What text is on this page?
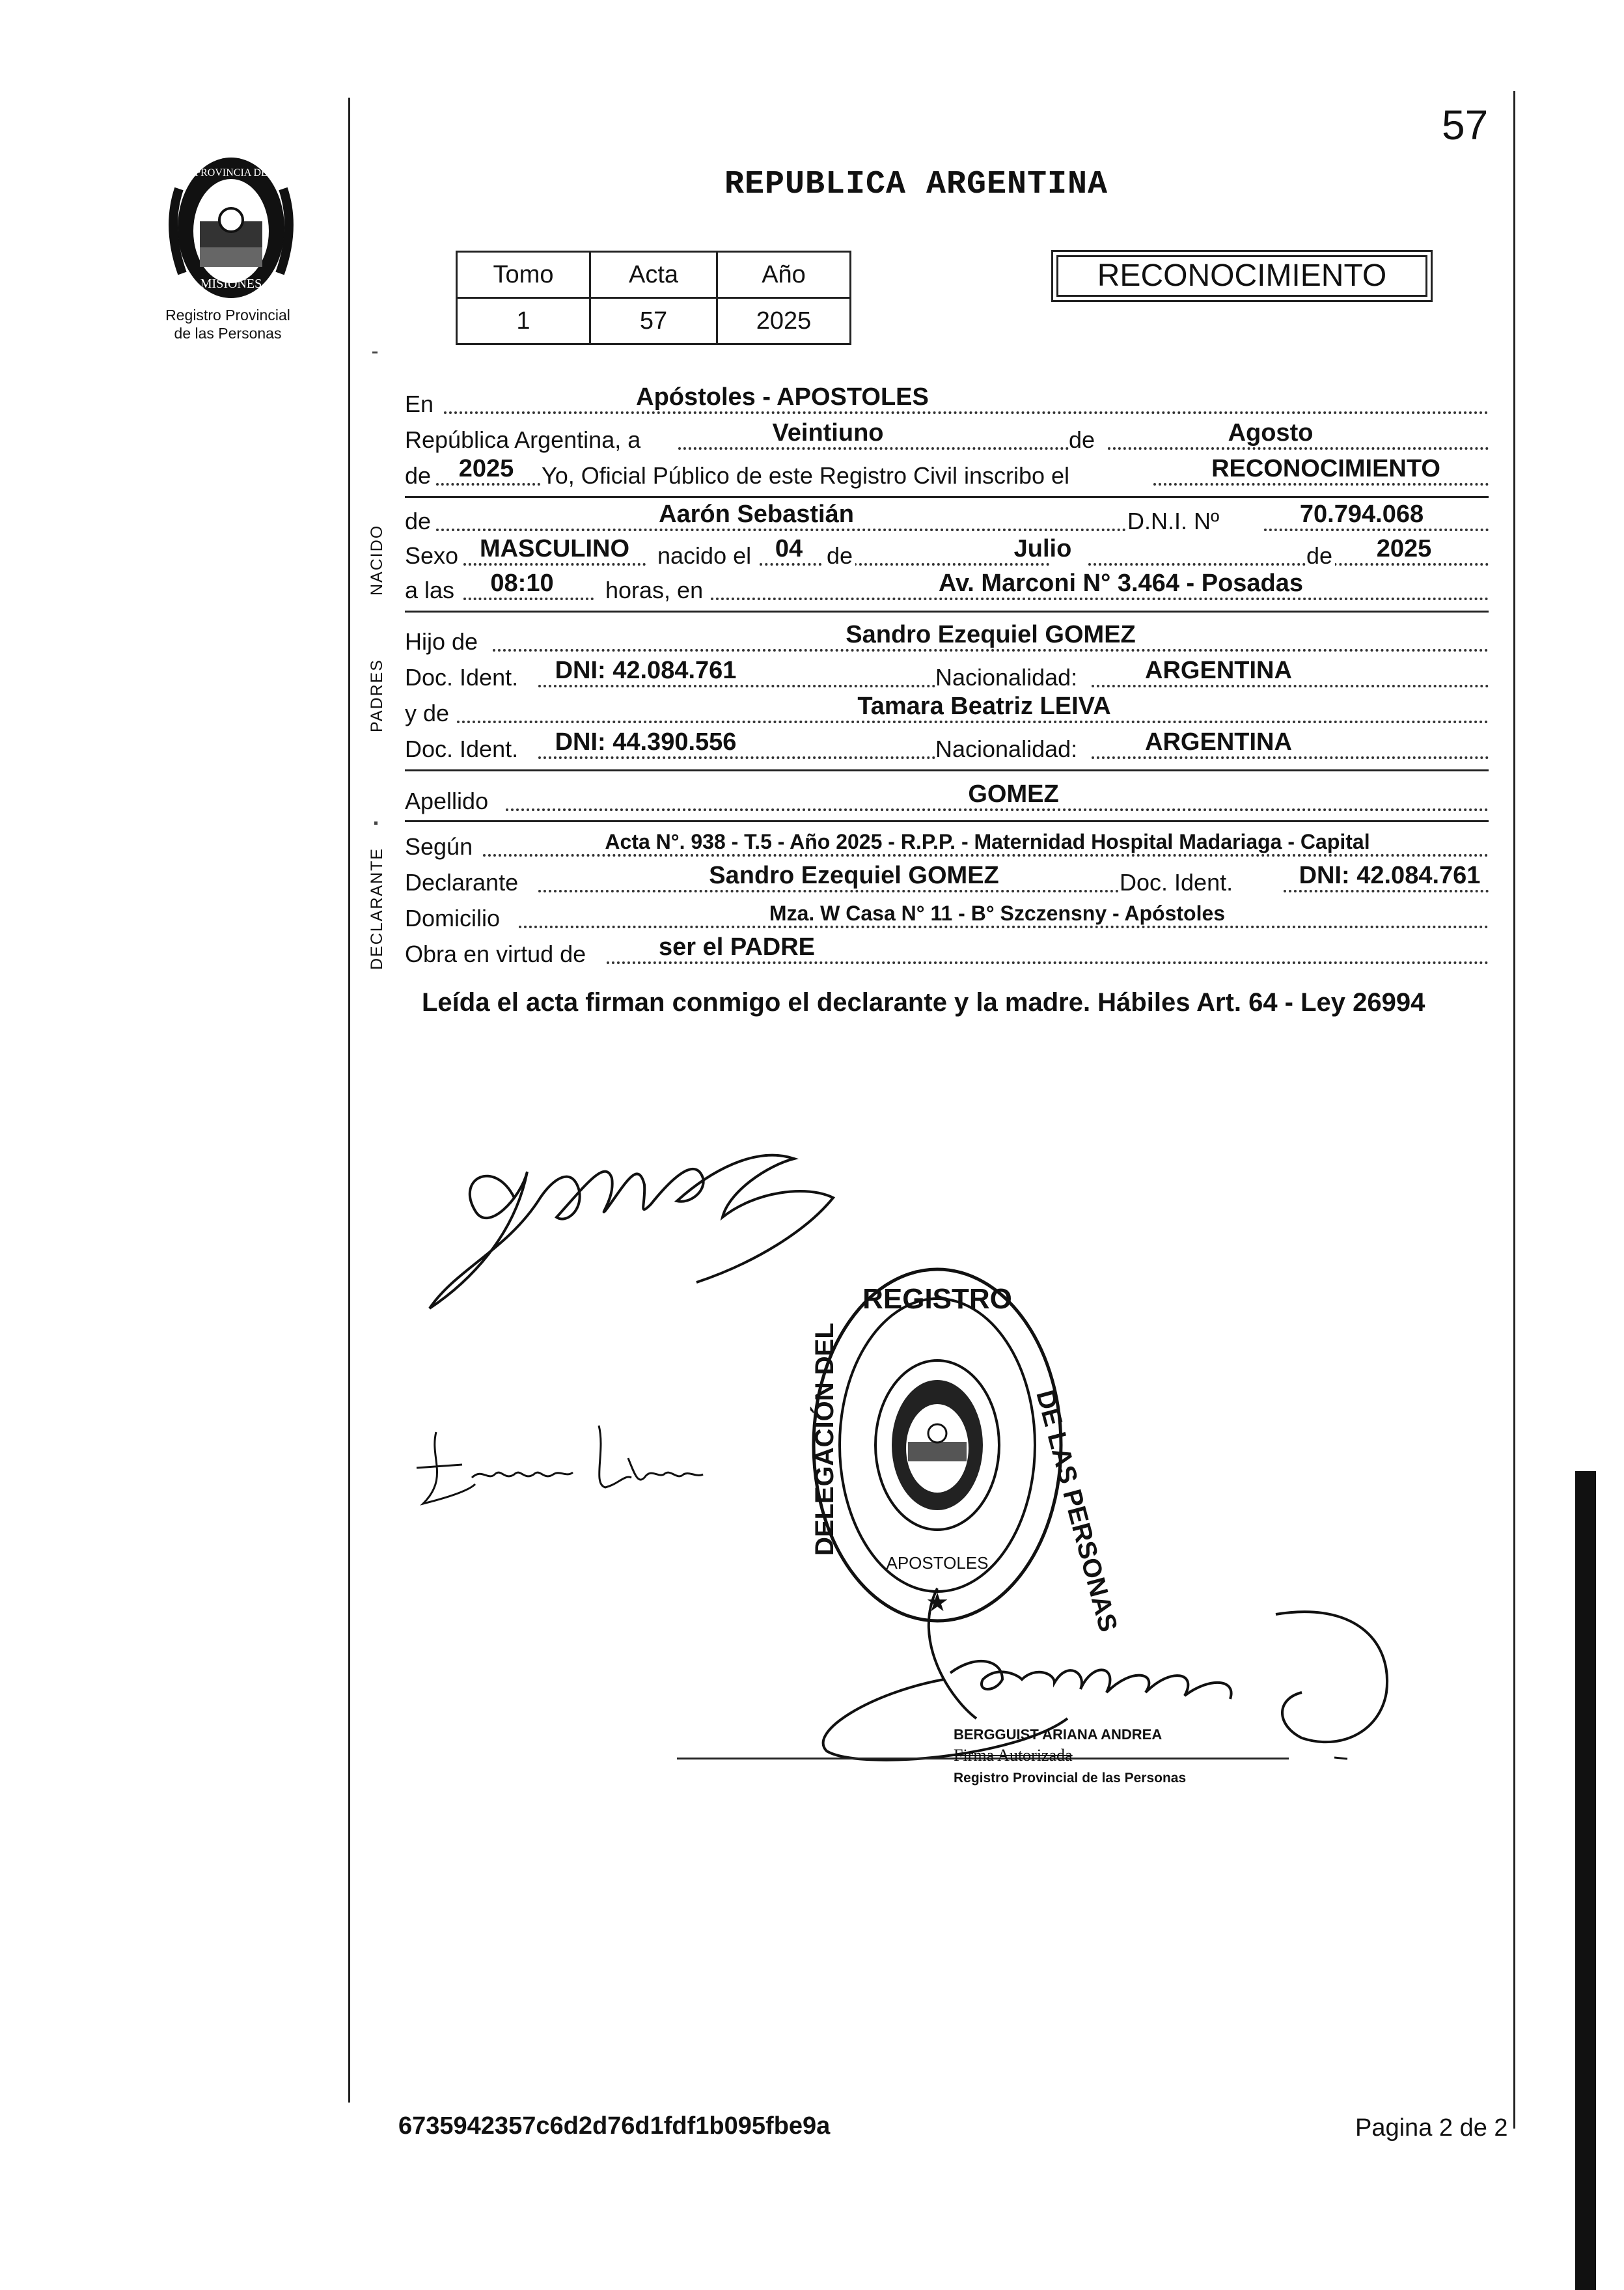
57
PROVINCIA DE
MISIONES
Registro Provincial
de las Personas
REPUBLICA ARGENTINA
Tomo	Acta	Año
1	57	2025
RECONOCIMIENTO
NACIDO
PADRES
DECLARANTE
En	Apóstoles - APOSTOLES
República Argentina, a	Veintiuno	de	Agosto
de	2025	Yo, Oficial Público de este Registro Civil inscribo el	RECONOCIMIENTO
de	Aarón Sebastián	D.N.I. Nº	70.794.068
Sexo MASCULINO	nacido el 04	de	Julio	de	2025
a las	08:10	horas, en	Av. Marconi N° 3.464 - Posadas
Hijo de	Sandro Ezequiel GOMEZ
Doc. Ident.	DNI: 42.084.761	Nacionalidad:	ARGENTINA
y de	Tamara Beatriz LEIVA
Doc. Ident.	DNI: 44.390.556	Nacionalidad:	ARGENTINA
Apellido	GOMEZ
Según	Acta N°. 938 - T.5 - Año 2025 - R.P.P. - Maternidad Hospital Madariaga - Capital
Declarante	Sandro Ezequiel GOMEZ	Doc. Ident.	DNI: 42.084.761
Domicilio	Mza. W Casa N° 11 - B° Szczensny - Apóstoles
Obra en virtud de	ser el PADRE
Leída el acta firman conmigo el declarante y la madre. Hábiles Art. 64 - Ley 26994
REGISTRO
DE LAS PERSONAS
DELEGACIÓN DEL
APOSTOLES
★
BERGGUIST ARIANA ANDREA
Firma Autorizada
Registro Provincial de las Personas
6735942357c6d2d76d1fdf1b095fbe9a	Pagina 2 de 2
